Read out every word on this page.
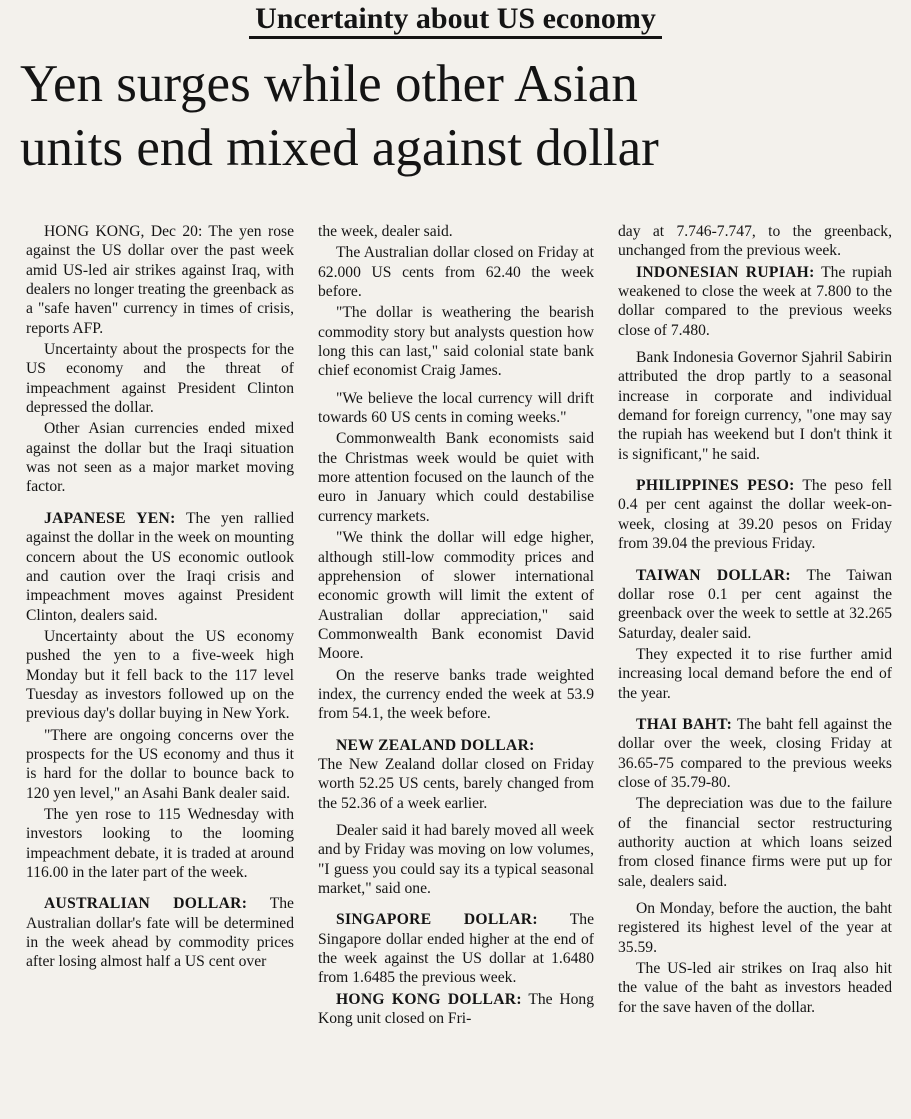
Uncertainty about US economy
Yen surges while other Asian
units end mixed against dollar

HONG KONG, Dec 20: The yen rose against the US dollar over the past week amid US-led air strikes against Iraq, with dealers no longer treating the greenback as a "safe haven" currency in times of crisis, reports AFP.

Uncertainty about the prospects for the US economy and the threat of impeachment against President Clinton depressed the dollar.

Other Asian currencies ended mixed against the dollar but the Iraqi situation was not seen as a major market moving factor.

JAPANESE YEN: The yen rallied against the dollar in the week on mounting concern about the US economic outlook and caution over the Iraqi crisis and impeachment moves against President Clinton, dealers said.

Uncertainty about the US economy pushed the yen to a five-week high Monday but it fell back to the 117 level Tuesday as investors followed up on the previous day's dollar buying in New York.

"There are ongoing concerns over the prospects for the US economy and thus it is hard for the dollar to bounce back to 120 yen level," an Asahi Bank dealer said.

The yen rose to 115 Wednesday with investors looking to the looming impeachment debate, it is traded at around 116.00 in the later part of the week.

AUSTRALIAN DOLLAR: The Australian dollar's fate will be determined in the week ahead by commodity prices after losing almost half a US cent over

the week, dealer said.

The Australian dollar closed on Friday at 62.000 US cents from 62.40 the week before.

"The dollar is weathering the bearish commodity story but analysts question how long this can last," said colonial state bank chief economist Craig James.

"We believe the local currency will drift towards 60 US cents in coming weeks."

Commonwealth Bank economists said the Christmas week would be quiet with more attention focused on the launch of the euro in January which could destabilise currency markets.

"We think the dollar will edge higher, although still-low commodity prices and apprehension of slower international economic growth will limit the extent of Australian dollar appreciation," said Commonwealth Bank economist David Moore.

On the reserve banks trade weighted index, the currency ended the week at 53.9 from 54.1, the week before.

NEW ZEALAND DOLLAR:
The New Zealand dollar closed on Friday worth 52.25 US cents, barely changed from the 52.36 of a week earlier.

Dealer said it had barely moved all week and by Friday was moving on low volumes, "I guess you could say its a typical seasonal market," said one.

SINGAPORE DOLLAR: The Singapore dollar ended higher at the end of the week against the US dollar at 1.6480 from 1.6485 the previous week.

HONG KONG DOLLAR: The Hong Kong unit closed on Fri-

day at 7.746-7.747, to the greenback, unchanged from the previous week.

INDONESIAN RUPIAH: The rupiah weakened to close the week at 7.800 to the dollar compared to the previous weeks close of 7.480.

Bank Indonesia Governor Sjahril Sabirin attributed the drop partly to a seasonal increase in corporate and individual demand for foreign currency, "one may say the rupiah has weekend but I don't think it is significant," he said.

PHILIPPINES PESO: The peso fell 0.4 per cent against the dollar week-on-week, closing at 39.20 pesos on Friday from 39.04 the previous Friday.

TAIWAN DOLLAR: The Taiwan dollar rose 0.1 per cent against the greenback over the week to settle at 32.265 Saturday, dealer said.

They expected it to rise further amid increasing local demand before the end of the year.

THAI BAHT: The baht fell against the dollar over the week, closing Friday at 36.65-75 compared to the previous weeks close of 35.79-80.

The depreciation was due to the failure of the financial sector restructuring authority auction at which loans seized from closed finance firms were put up for sale, dealers said.

On Monday, before the auction, the baht registered its highest level of the year at 35.59.

The US-led air strikes on Iraq also hit the value of the baht as investors headed for the save haven of the dollar.
